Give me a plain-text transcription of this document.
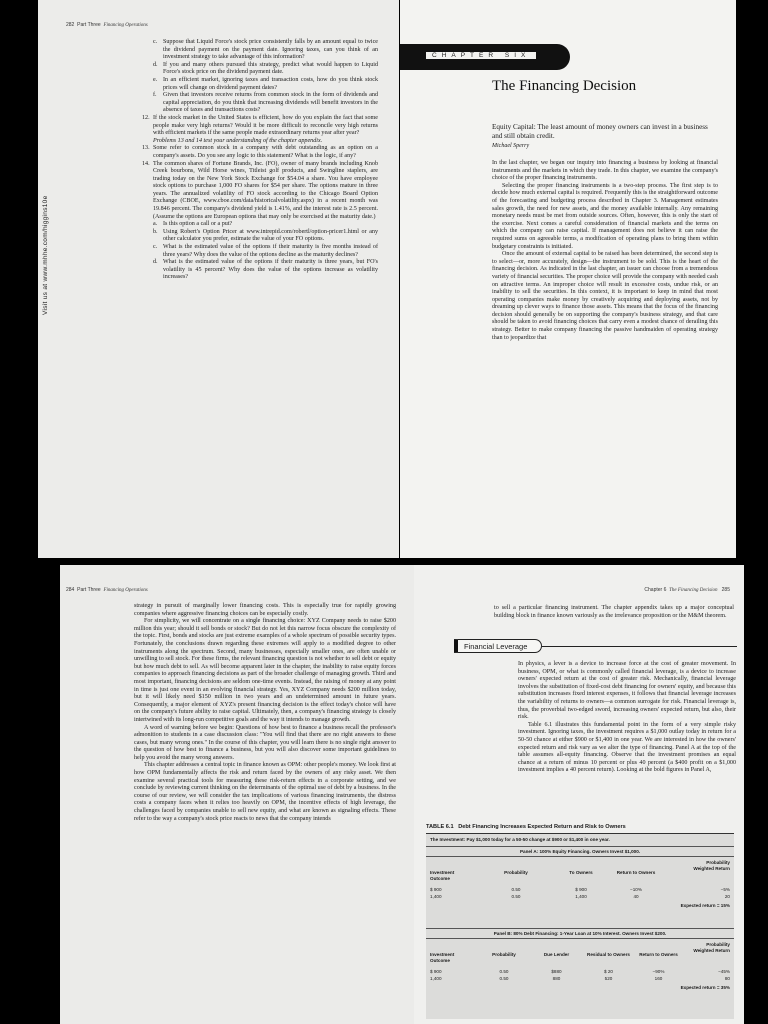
Visit us at www.mhhe.com/higgins10e
282 Part Three Financing Operations
c. Suppose that Liquid Force's stock price consistently falls by an amount equal to twice the dividend payment on the payment date. Ignoring taxes, can you think of an investment strategy to take advantage of this information?
d. If you and many others pursued this strategy, predict what would happen to Liquid Force's stock price on the dividend payment date.
e. In an efficient market, ignoring taxes and transaction costs, how do you think stock prices will change on dividend payment dates?
f.	Given that investors receive returns from common stock in the form of dividends and capital appreciation, do you think that increasing dividends will benefit investors in the absence of taxes and transactions costs?
12. If the stock market in the United States is efficient, how do you explain the fact that some people make very high returns? Would it be more difficult to reconcile very high returns with efficient markets if the same people made extraordinary returns year after year?
Problems 13 and 14 test your understanding of the chapter appendix.
13. Some refer to common stock in a company with debt outstanding as an option on a company's assets. Do you see any logic to this statement? What is the logic, if any?
14. The common shares of Fortune Brands, Inc. (FO), owner of many brands including Knob Creek bourbons, Wild Horse wines, Titleist golf products, and Swingline staplers, are trading today on the New York Stock Exchange for $54.04 a share. You have employee stock options to purchase 1,000 FO shares for $54 per share. The options mature in three years. The annualized volatility of FO stock according to the Chicago Board Option Exchange (CBOE, www.cboe.com/data/historicalvolatility.aspx) in a recent month was 19.846 percent. The company's dividend yield is 1.41%, and the interest rate is 2.5 percent. (Assume the options are European options that may only be exercised at the maturity date.)
a. Is this option a call or a put?
b. Using Robert's Option Pricer at www.intrepid.com/robertl/option-pricer1.html or any other calculator you prefer, estimate the value of your FO options.
c. What is the estimated value of the options if their maturity is five months instead of three years? Why does the value of the options decline as the maturity declines?
d. What is the estimated value of the options if their maturity is three years, but FO's volatility is 45 percent? Why does the value of the options increase as volatility increases?
CHAPTER SIX
The Financing Decision
Equity Capital: The least amount of money owners can invest in a business and still obtain credit.
Michael Sperry

In the last chapter, we began our inquiry into financing a business by looking at financial instruments and the markets in which they trade. In this chapter, we examine the company's choice of the proper financing instruments.

Selecting the proper financing instruments is a two-step process. The first step is to decide how much external capital is required. Frequently this is the straightforward outcome of the forecasting and budgeting process described in Chapter 3. Management estimates sales growth, the need for new assets, and the money available internally. Any remaining monetary needs must be met from outside sources. Often, however, this is only the start of the exercise. Next comes a careful consideration of financial markets and the terms on which the company can raise capital. If management does not believe it can raise the required sums on agreeable terms, a modification of operating plans to bring them within budgetary constraints is initiated.

Once the amount of external capital to be raised has been determined, the second step is to select—or, more accurately, design—the instrument to be sold. This is the heart of the financing decision. As indicated in the last chapter, an issuer can choose from a tremendous variety of financial securities. The proper choice will provide the company with needed cash on attractive terms. An improper choice will result in excessive costs, undue risk, or an inability to sell the securities. In this context, it is important to keep in mind that most operating companies make money by creatively acquiring and deploying assets, not by dreaming up clever ways to finance those assets. This means that the focus of the financing decision should generally be on supporting the company's business strategy, and that care should be taken to avoid financing choices that carry even a modest chance of derailing this strategy. Better to make company financing the passive handmaiden of operating strategy than to jeopardize that

284 Part Three Financing Operations

strategy in pursuit of marginally lower financing costs. This is especially true for rapidly growing companies where aggressive financing choices can be especially costly.

For simplicity, we will concentrate on a single financing choice: XYZ Company needs to raise $200 million this year; should it sell bonds or stock? But do not let this narrow focus obscure the complexity of the topic. First, bonds and stocks are just extreme examples of a whole spectrum of possible security types. Fortunately, the conclusions drawn regarding these extremes will apply to a modified degree to other instruments along the spectrum. Second, many businesses, especially smaller ones, are often unable or unwilling to sell stock. For these firms, the relevant financing question is not whether to sell debt or equity but how much debt to sell. As will become apparent later in the chapter, the inability to raise equity forces companies to approach financing decisions as part of the broader challenge of managing growth. Third and most important, financing decisions are seldom one-time events. Instead, the raising of money at any point in time is just one event in an evolving financial strategy. Yes, XYZ Company needs $200 million today, but it will likely need $150 million in two years and an undetermined amount in future years. Consequently, a major element of XYZ's present financing decision is the effect today's choice will have on the company's future ability to raise capital. Ultimately, then, a company's financing strategy is closely intertwined with its long-run competitive goals and the way it intends to manage growth.

A word of warning before we begin: Questions of how best to finance a business recall the professor's admonition to students in a case discussion class: "You will find that there are no right answers to these cases, but many wrong ones." In the course of this chapter, you will learn there is no single right answer to the question of how best to finance a business, but you will also discover some important guidelines to help you avoid the many wrong answers.

This chapter addresses a central topic in finance known as OPM: other people's money. We look first at how OPM fundamentally affects the risk and return faced by the owners of any risky asset. We then examine several practical tools for measuring these risk-return effects in a corporate setting, and we conclude by reviewing current thinking on the determinants of the optimal use of debt by a business. In the course of our review, we will consider the tax implications of various financing instruments, the distress costs a company faces when it relies too heavily on OPM, the incentive effects of high leverage, the challenges faced by companies unable to sell new equity, and what are known as signaling effects. These refer to the way a company's stock price reacts to news that the company intends

Chapter 6 The Financing Decision 285
to sell a particular financing instrument. The chapter appendix takes up a major conceptual building block in finance known variously as the irrelevance proposition or the M&M theorem.
Financial Leverage

In physics, a lever is a device to increase force at the cost of greater movement. In business, OPM, or what is commonly called financial leverage, is a device to increase owners' expected return at the cost of greater risk. Mechanically, financial leverage involves the substitution of fixed-cost debt financing for owners' equity, and because this substitution increases fixed interest expenses, it follows that financial leverage increases the variability of returns to owners—a common surrogate for risk. Financial leverage is, thus, the proverbial two-edged sword, increasing owners' expected return, but also, their risk.

Table 6.1 illustrates this fundamental point in the form of a very simple risky investment. Ignoring taxes, the investment requires a $1,000 outlay today in return for a 50-50 chance at either $900 or $1,400 in one year. We are interested in how the owners' expected return and risk vary as we alter the type of financing. Panel A at the top of the table assumes all-equity financing. Observe that the investment promises an equal chance at a return of minus 10 percent or plus 40 percent (a $400 profit on a $1,000 investment implies a 40 percent return). Looking at the bold figures in Panel A,

TABLE 6.1 Debt Financing Increases Expected Return and Risk to Owners
The Investment: Pay $1,000 today for a 50-50 change at $900 or $1,400 in one year.
Panel A: 100% Equity Financing. Owners Invest $1,000.
Investment Outcome
Probability	To Owners	Return to Owners
Probability Weighted Return
$ 900	0.50	$ 900	−10%	−5%
1,400	0.50	1,400	40	20
Expected return = 15%
Panel B: 80% Debt Financing: 1-Year Loan at 10% Interest. Owners Invest $200.
Investment Outcome
Probability	Due Lender	Residual to Owners	Return to Owners
Probability Weighted Return
$ 900	0.50	$880	$ 20	−90%	−45%
1,400	0.50	880	520	160	80
Expected return = 35%
